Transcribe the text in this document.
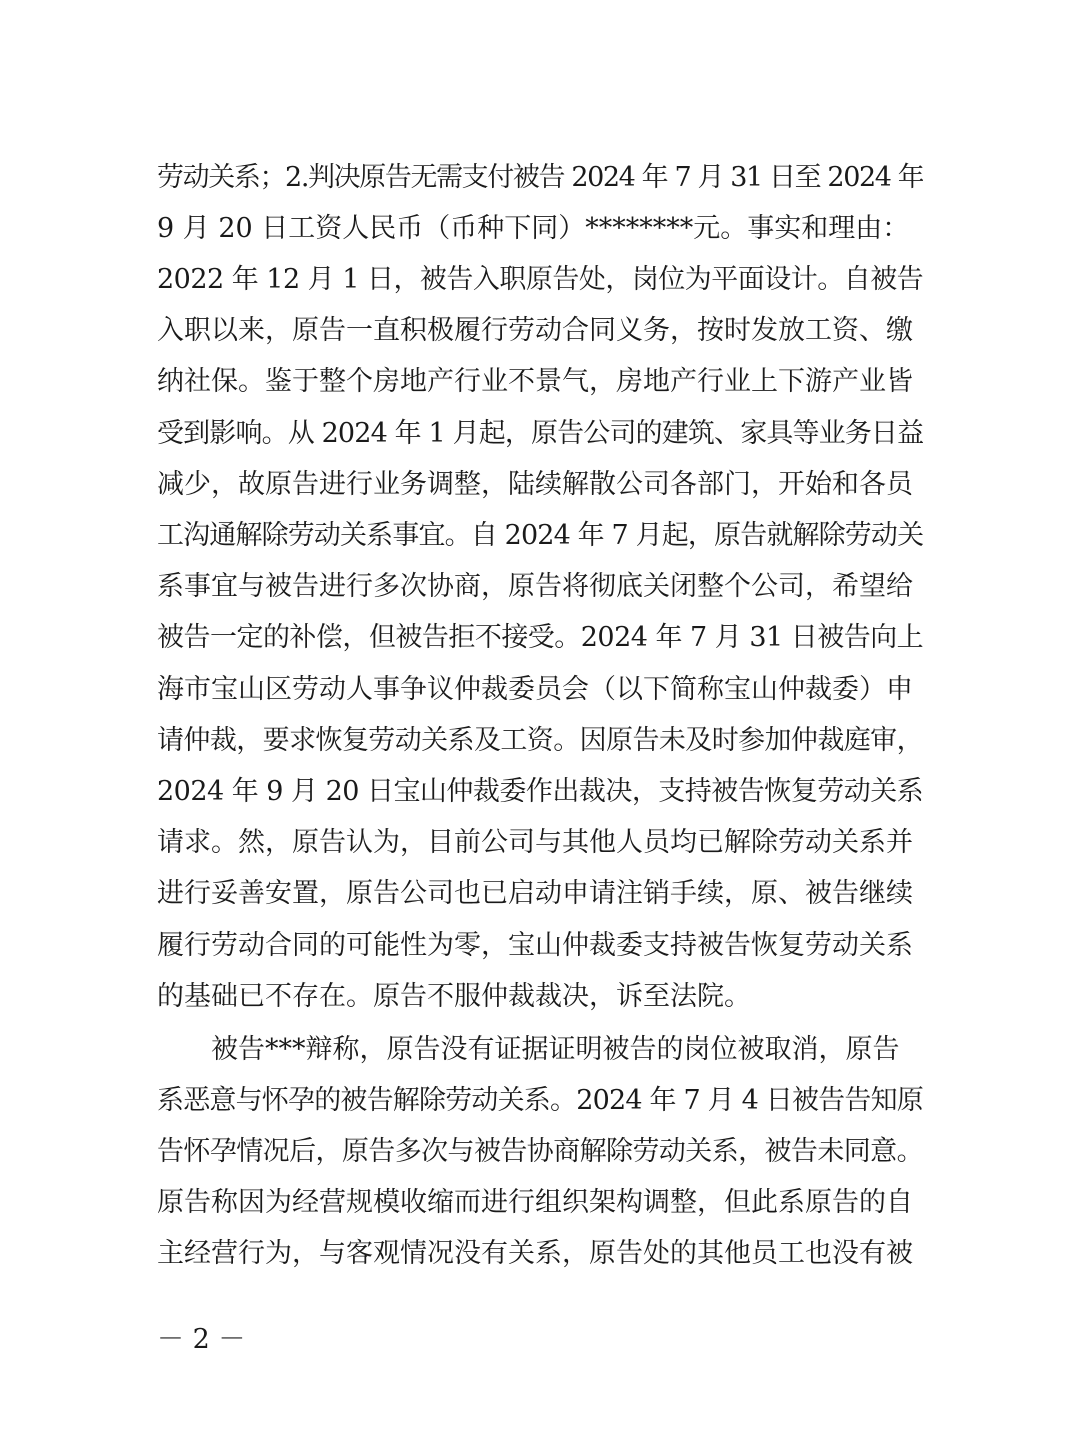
劳动关系；2.判决原告无需支付被告 2024 年 7 月 31 日至 2024 年
9 月 20 日工资人民币（币种下同）********元。事实和理由：
2022 年 12 月 1 日，被告入职原告处，岗位为平面设计。自被告
入职以来，原告一直积极履行劳动合同义务，按时发放工资、缴
纳社保。鉴于整个房地产行业不景气，房地产行业上下游产业皆
受到影响。从 2024 年 1 月起，原告公司的建筑、家具等业务日益
减少，故原告进行业务调整，陆续解散公司各部门，开始和各员
工沟通解除劳动关系事宜。自 2024 年 7 月起，原告就解除劳动关
系事宜与被告进行多次协商，原告将彻底关闭整个公司，希望给
被告一定的补偿，但被告拒不接受。2024 年 7 月 31 日被告向上
海市宝山区劳动人事争议仲裁委员会（以下简称宝山仲裁委）申
请仲裁，要求恢复劳动关系及工资。因原告未及时参加仲裁庭审，
2024 年 9 月 20 日宝山仲裁委作出裁决，支持被告恢复劳动关系
请求。然，原告认为，目前公司与其他人员均已解除劳动关系并
进行妥善安置，原告公司也已启动申请注销手续，原、被告继续
履行劳动合同的可能性为零，宝山仲裁委支持被告恢复劳动关系
的基础已不存在。原告不服仲裁裁决，诉至法院。
被告***辩称，原告没有证据证明被告的岗位被取消，原告
系恶意与怀孕的被告解除劳动关系。2024 年 7 月 4 日被告告知原
告怀孕情况后，原告多次与被告协商解除劳动关系，被告未同意。
原告称因为经营规模收缩而进行组织架构调整，但此系原告的自
主经营行为，与客观情况没有关系，原告处的其他员工也没有被
－ 2 －
